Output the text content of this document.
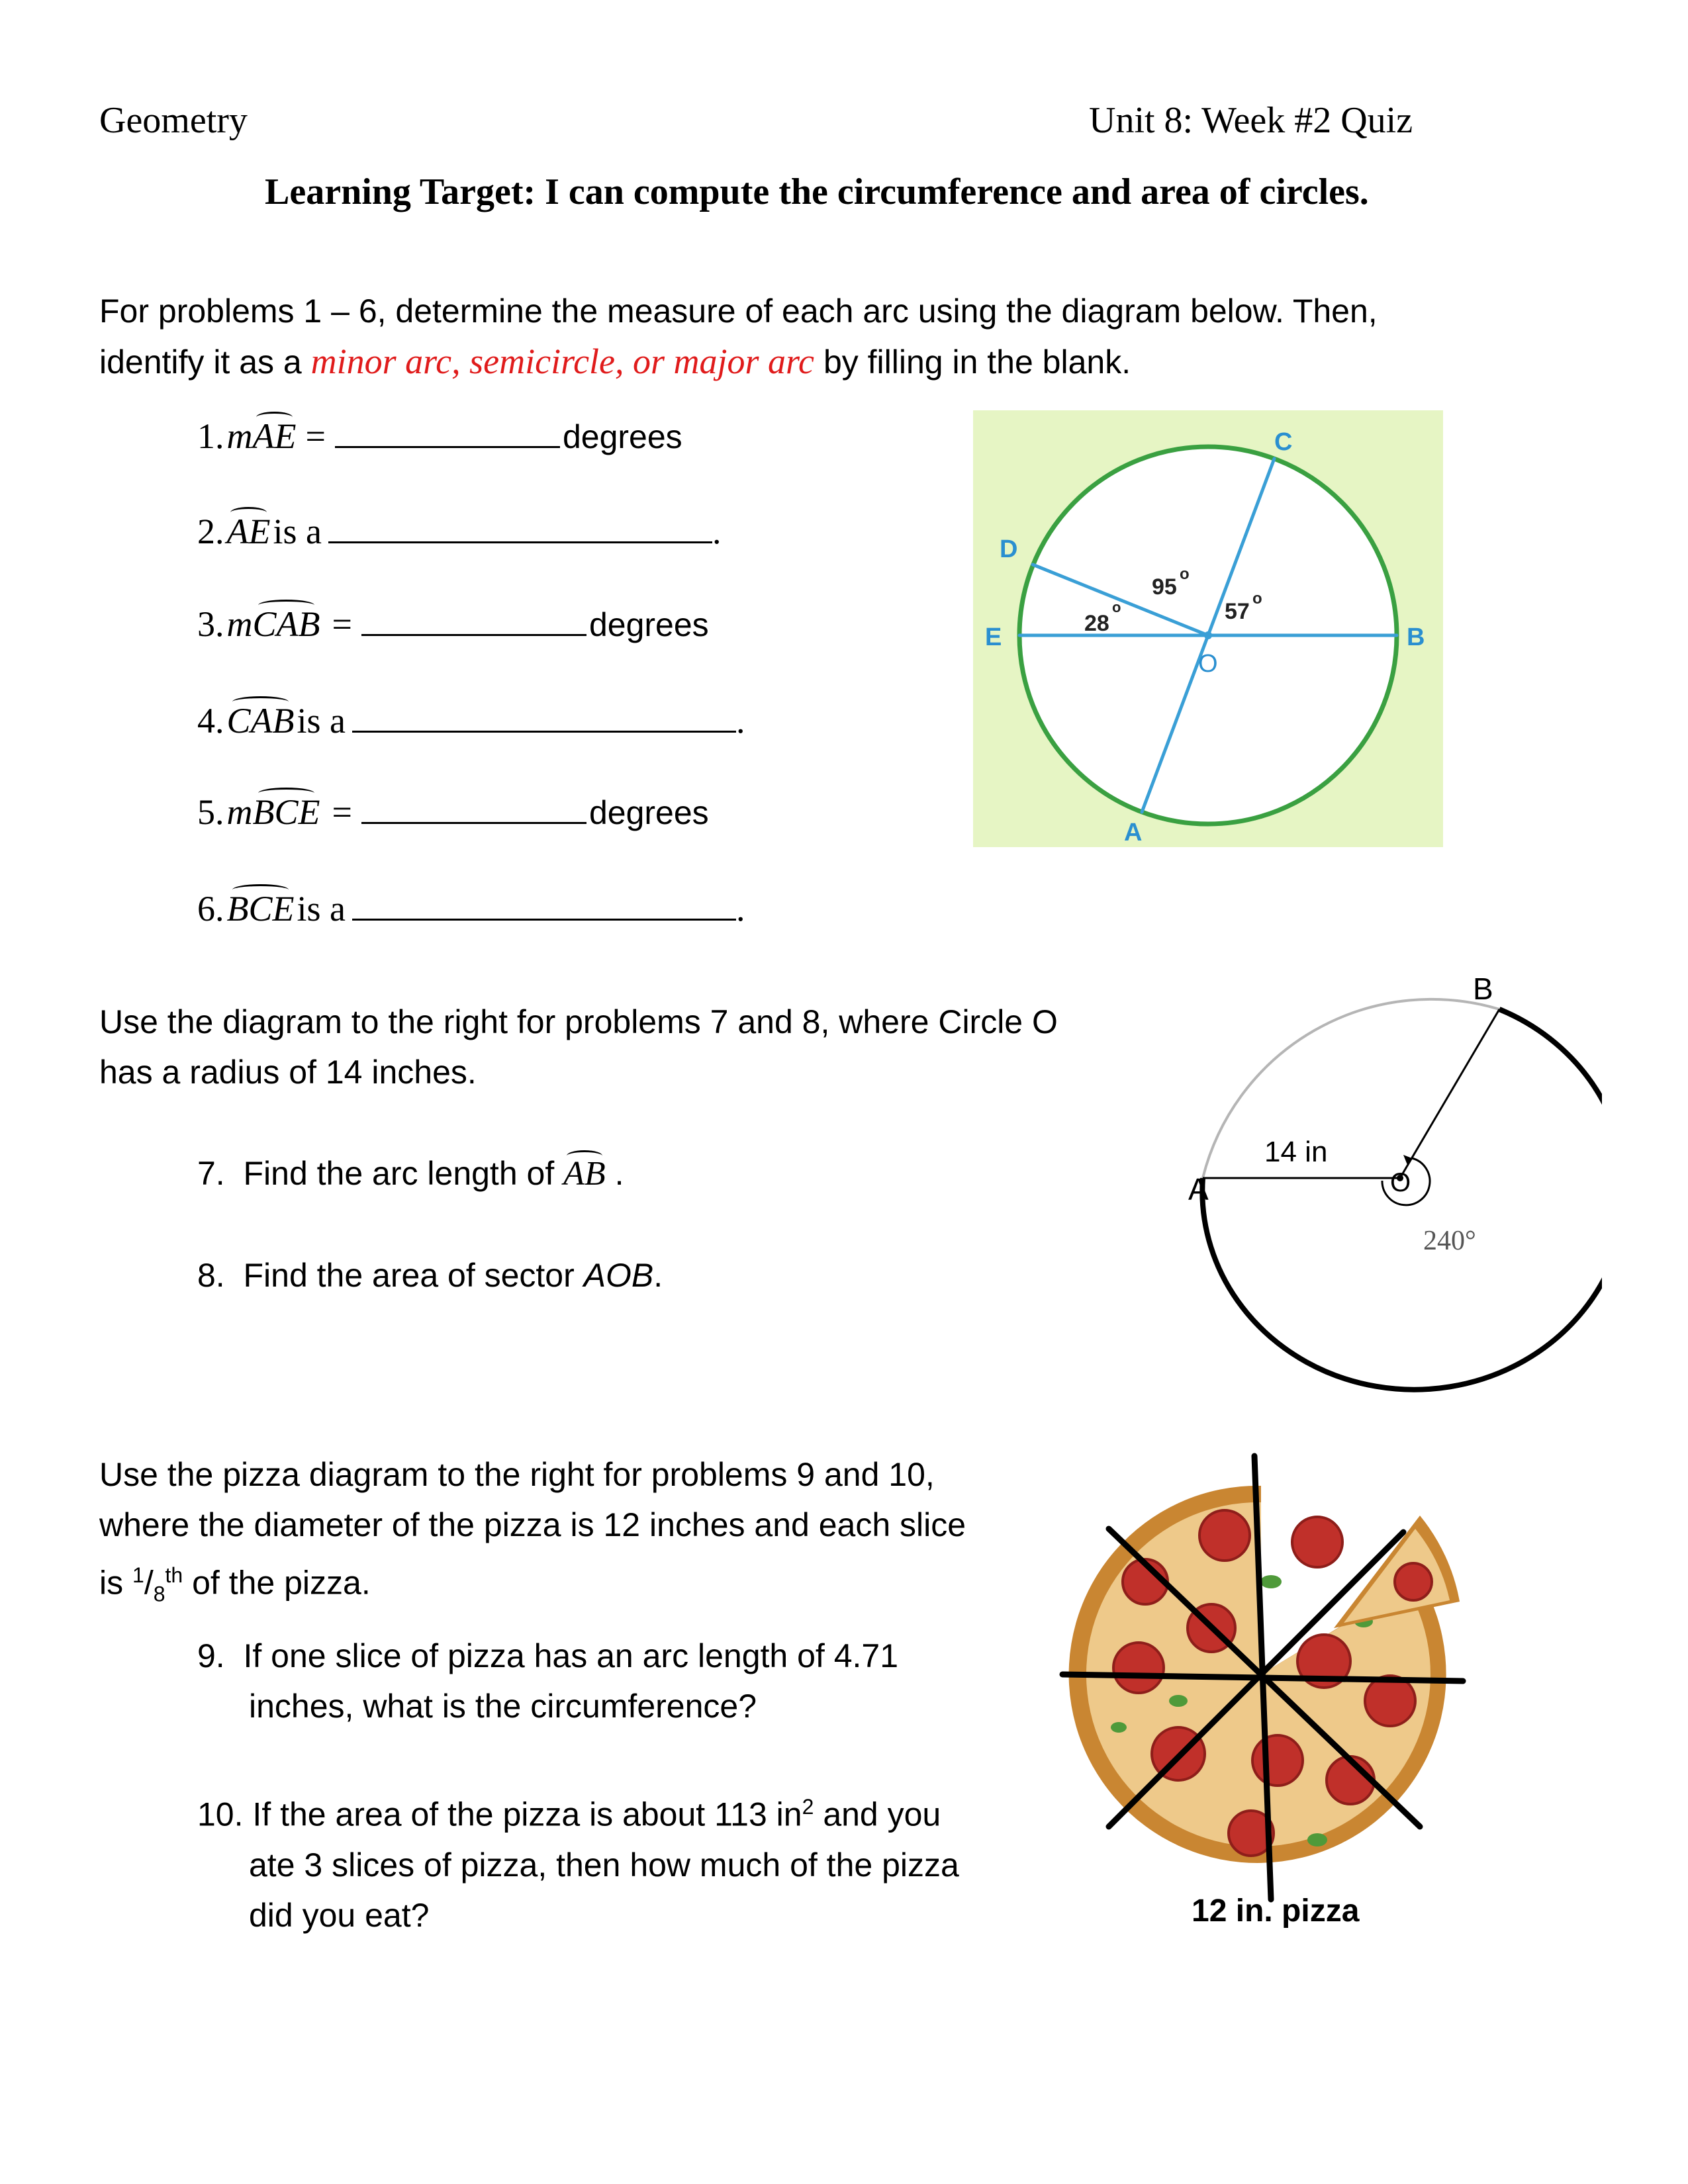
Geometry	Unit 8: Week #2 Quiz
Learning Target: I can compute the circumference and area of circles.
For problems 1 – 6, determine the measure of each arc using the diagram below. Then,
identify it as a minor arc, semicircle, or major arc by filling in the blank.
1. mAE =	degrees
2. AE is a	.
3. mCAB =	degrees
4. CAB is a	.
5. mBCE =	degrees
6. BCE is a	.
C
D
E	B
A
O
28
o
95
o
57
o
Use the diagram to the right for problems 7 and 8, where Circle O
has a radius of 14 inches.
7. Find the arc length of AB .
8. Find the area of sector AOB.
A
B
O
14 in
240°
Use the pizza diagram to the right for problems 9 and 10,
where the diameter of the pizza is 12 inches and each slice
is $^1/_8^{th}$ of the pizza.
9. If one slice of pizza has an arc length of 4.71
inches, what is the circumference?
10. If the area of the pizza is about 113 $in^2$ and you
ate 3 slices of pizza, then how much of the pizza
did you eat?	12 in. pizza
